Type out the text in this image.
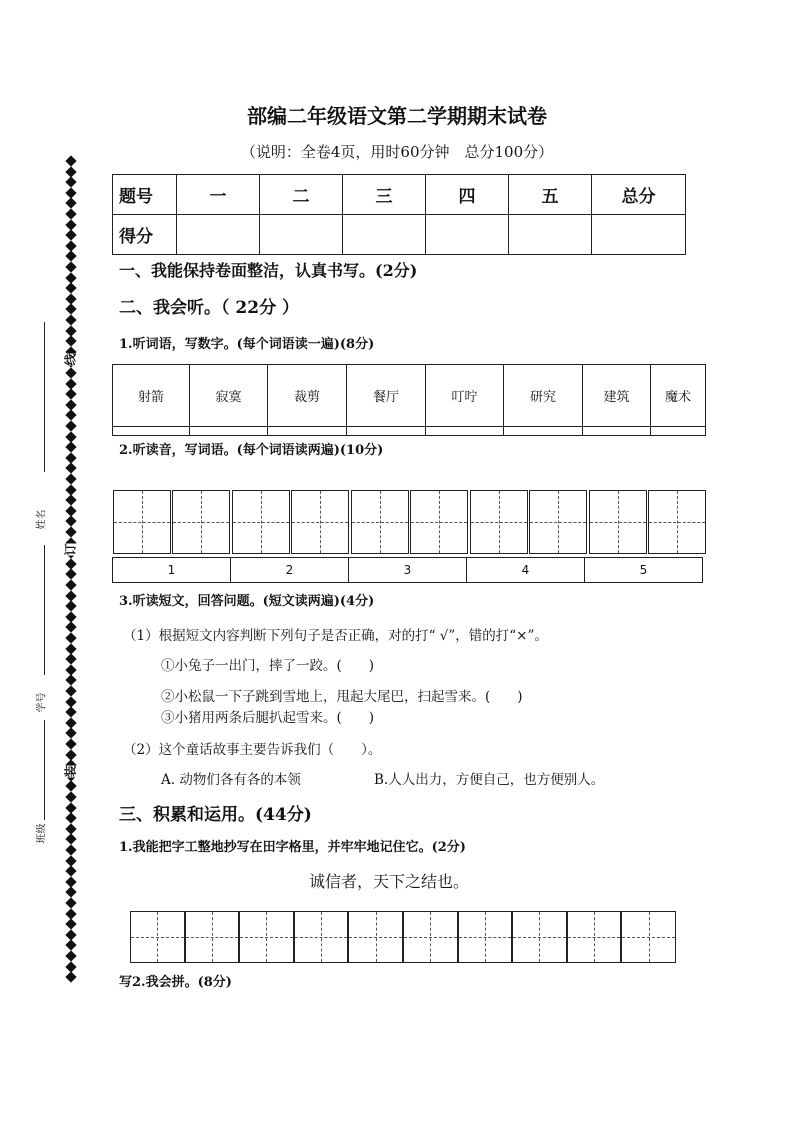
姓名
学号
班级
线
订
装
部编二年级语文第二学期期末试卷
（说明：全卷4页，用时60分钟　总分100分）
题号	一	二	三	四	五	总分
得分						
一、我能保持卷面整洁，认真书写。(2分)
二、我会听。（ 22分 ）
1.听词语，写数字。(每个词语读一遍)(8分)
射箭	寂寞	裁剪	餐厅	叮咛	研究	建筑	魔术

2.听读音，写词语。(每个词语读两遍)(10分)
1	2	3	4	5
3.听读短文，回答问题。(短文读两遍)(4分)
（1）根据短文内容判断下列句子是否正确，对的打“ √”，错的打“×”。
①小兔子一出门，摔了一跤。(　　)
②小松鼠一下子跳到雪地上，甩起大尾巴，扫起雪来。(　　)
③小猪用两条后腿扒起雪来。(　　)
（2）这个童话故事主要告诉我们（　　）。
A. 动物们各有各的本领	B.人人出力，方便自己，也方便别人。
三、积累和运用。(44分)
1.我能把字工整地抄写在田字格里，并牢牢地记住它。(2分)
诚信者，天下之结也。
写2.我会拼。(8分)
